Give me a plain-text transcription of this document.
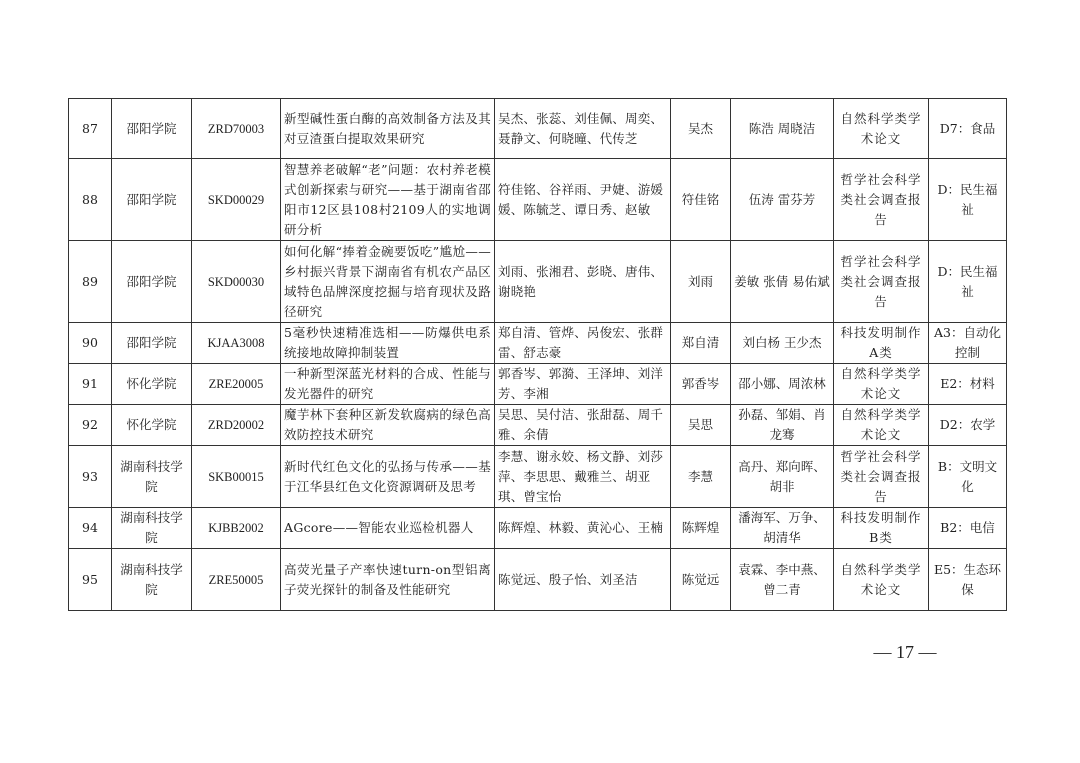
87	邵阳学院	ZRD70003	新型碱性蛋白酶的高效制备方法及其对豆渣蛋白提取效果研究	吴杰、张蕊、刘佳佩、周奕、聂静文、何晓曈、代传芝	吴杰	陈浩 周晓洁	自然科学类学术论文	D7：食品
88	邵阳学院	SKD00029	智慧养老破解“老”问题：农村养老模式创新探索与研究——基于湖南省邵阳市12区县108村2109人的实地调研分析	符佳铭、谷祥雨、尹婕、游媛媛、陈毓芝、谭日秀、赵敏	符佳铭	伍涛 雷芬芳	哲学社会科学类社会调查报告	D：民生福祉
89	邵阳学院	SKD00030	如何化解“捧着金碗要饭吃”尴尬——乡村振兴背景下湖南省有机农产品区域特色品牌深度挖掘与培育现状及路径研究	刘雨、张湘君、彭晓、唐伟、谢晓艳	刘雨	姜敏 张倩 易佑斌	哲学社会科学类社会调查报告	D：民生福祉
90	邵阳学院	KJAA3008	5毫秒快速精准选相——防爆供电系统接地故障抑制装置	郑自清、管烨、呙俊宏、张群雷、舒志豪	郑自清	刘白杨 王少杰	科技发明制作A类	A3：自动化控制
91	怀化学院	ZRE20005	一种新型深蓝光材料的合成、性能与发光器件的研究	郭香岑、郭漪、王泽坤、刘洋芳、李湘	郭香岑	邵小娜、周浓林	自然科学类学术论文	E2：材料
92	怀化学院	ZRD20002	魔芋林下套种区新发软腐病的绿色高效防控技术研究	吴思、吴付洁、张甜磊、周千雅、余倩	吴思	孙磊、邹娟、肖龙骞	自然科学类学术论文	D2：农学
93	湖南科技学院	SKB00015	新时代红色文化的弘扬与传承——基于江华县红色文化资源调研及思考	李慧、谢永姣、杨文静、刘莎萍、李思思、戴雅兰、胡亚琪、曾宝怡	李慧	高丹、郑向晖、胡非	哲学社会科学类社会调查报告	B：文明文化
94	湖南科技学院	KJBB2002	AGcore——智能农业巡检机器人	陈辉煌、林毅、黄沁心、王楠	陈辉煌	潘海军、万争、胡清华	科技发明制作B类	B2：电信
95	湖南科技学院	ZRE50005	高荧光量子产率快速turn-on型铝离子荧光探针的制备及性能研究	陈觉远、殷子怡、刘圣洁	陈觉远	袁霖、李中燕、曾二青	自然科学类学术论文	E5：生态环保
— 17 —
